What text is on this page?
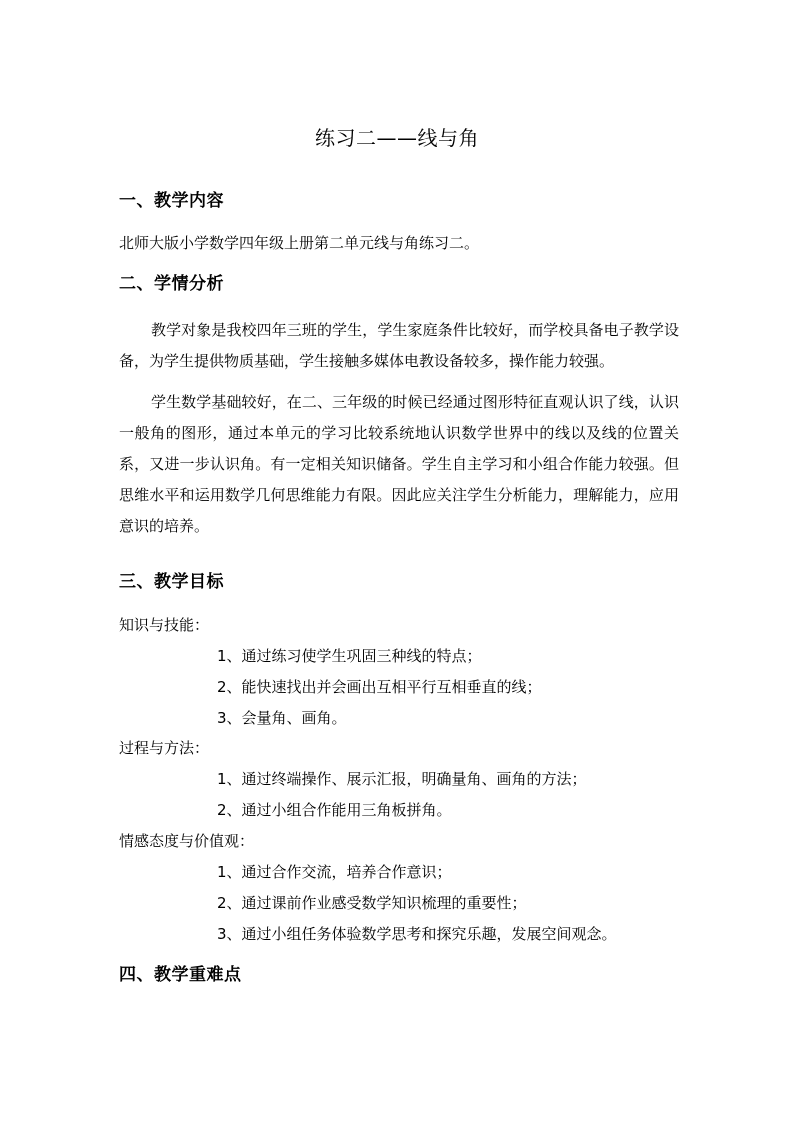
练习二——线与角
一、教学内容
北师大版小学数学四年级上册第二单元线与角练习二。
二、学情分析

教学对象是我校四年三班的学生，学生家庭条件比较好，而学校具备电子教学设备，为学生提供物质基础，学生接触多媒体电教设备较多，操作能力较强。

学生数学基础较好，在二、三年级的时候已经通过图形特征直观认识了线，认识一般角的图形，通过本单元的学习比较系统地认识数学世界中的线以及线的位置关系，又进一步认识角。有一定相关知识储备。学生自主学习和小组合作能力较强。但思维水平和运用数学几何思维能力有限。因此应关注学生分析能力，理解能力，应用意识的培养。

三、教学目标
知识与技能：
1、通过练习使学生巩固三种线的特点；
2、能快速找出并会画出互相平行互相垂直的线；
3、会量角、画角。
过程与方法：
1、通过终端操作、展示汇报，明确量角、画角的方法；
2、通过小组合作能用三角板拼角。
情感态度与价值观：
1、通过合作交流，培养合作意识；
2、通过课前作业感受数学知识梳理的重要性；
3、通过小组任务体验数学思考和探究乐趣，发展空间观念。
四、教学重难点
